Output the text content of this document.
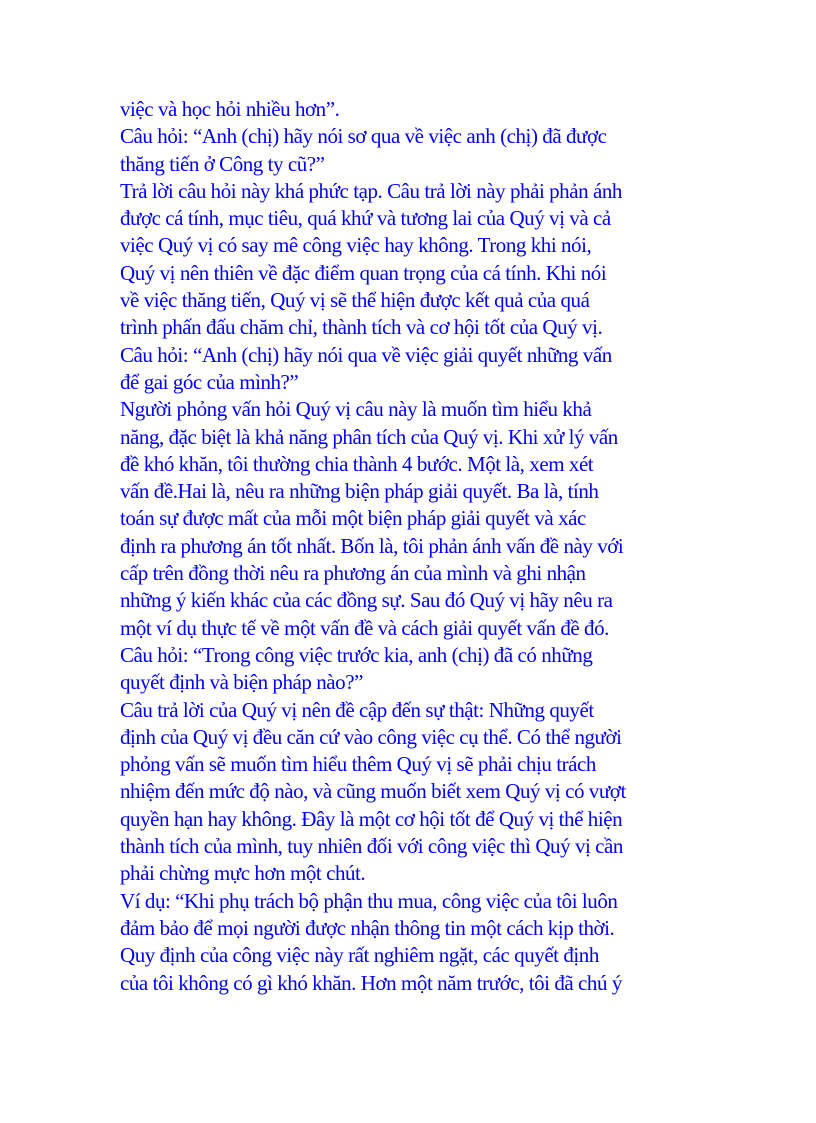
việc và học hỏi nhiều hơn”.
Câu hỏi: “Anh (chị) hãy nói sơ qua về việc anh (chị) đã được
thăng tiến ở Công ty cũ?”
Trả lời câu hỏi này khá phức tạp. Câu trả lời này phải phản ánh
được cá tính, mục tiêu, quá khứ và tương lai của Quý vị và cả
việc Quý vị có say mê công việc hay không. Trong khi nói,
Quý vị nên thiên về đặc điểm quan trọng của cá tính. Khi nói
về việc thăng tiến, Quý vị sẽ thể hiện được kết quả của quá
trình phấn đấu chăm chỉ, thành tích và cơ hội tốt của Quý vị.
Câu hỏi: “Anh (chị) hãy nói qua về việc giải quyết những vấn
để gai góc của mình?”
Người phỏng vấn hỏi Quý vị câu này là muốn tìm hiểu khả
năng, đặc biệt là khả năng phân tích của Quý vị. Khi xử lý vấn
đề khó khăn, tôi thường chia thành 4 bước. Một là, xem xét
vấn đề.Hai là, nêu ra những biện pháp giải quyết. Ba là, tính
toán sự được mất của mỗi một biện pháp giải quyết và xác
định ra phương án tốt nhất. Bốn là, tôi phản ánh vấn đề này với
cấp trên đồng thời nêu ra phương án của mình và ghi nhận
những ý kiến khác của các đồng sự. Sau đó Quý vị hãy nêu ra
một ví dụ thực tế về một vấn đề và cách giải quyết vấn đề đó.
Câu hỏi: “Trong công việc trước kia, anh (chị) đã có những
quyết định và biện pháp nào?”
Câu trả lời của Quý vị nên đề cập đến sự thật: Những quyết
định của Quý vị đều căn cứ vào công việc cụ thể. Có thể người
phỏng vấn sẽ muốn tìm hiểu thêm Quý vị sẽ phải chịu trách
nhiệm đến mức độ nào, và cũng muốn biết xem Quý vị có vượt
quyền hạn hay không. Đây là một cơ hội tốt để Quý vị thể hiện
thành tích của mình, tuy nhiên đối với công việc thì Quý vị cần
phải chừng mực hơn một chút.
Ví dụ: “Khi phụ trách bộ phận thu mua, công việc của tôi luôn
đảm bảo để mọi người được nhận thông tin một cách kịp thời.
Quy định của công việc này rất nghiêm ngặt, các quyết định
của tôi không có gì khó khăn. Hơn một năm trước, tôi đã chú ý
